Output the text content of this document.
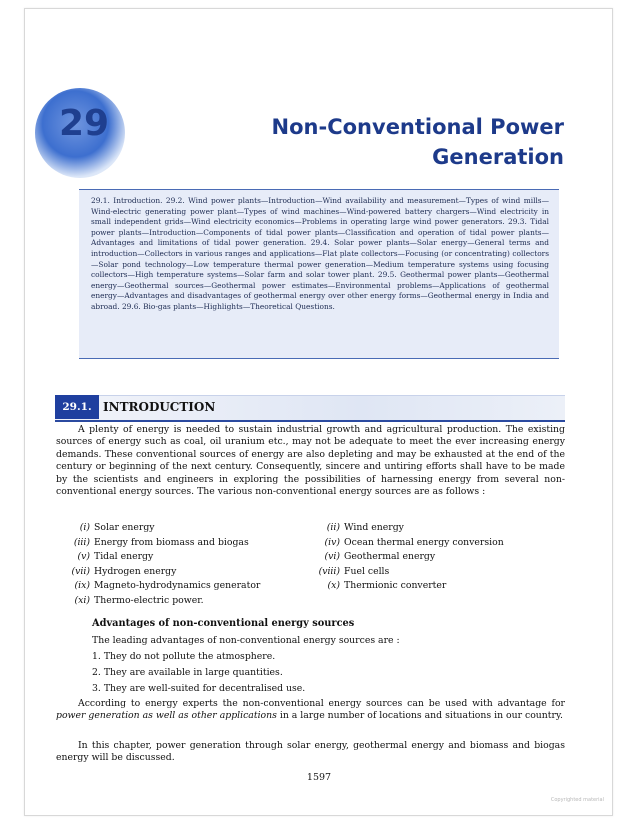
29	Non-Conventional Power
Generation

29.1. Introduction. 29.2. Wind power plants—Introduction—Wind availability and measurement—Types of wind mills—Wind-electric generating power plant—Types of wind machines—Wind-powered battery chargers—Wind electricity in small independent grids—Wind electricity economics—Problems in operating large wind power generators. 29.3. Tidal power plants—Introduction—Components of tidal power plants—Classification and operation of tidal power plants—Advantages and limitations of tidal power generation. 29.4. Solar power plants—Solar energy—General terms and introduction—Collectors in various ranges and applications—Flat plate collectors—Focusing (or concentrating) collectors—Solar pond technology—Low temperature thermal power generation—Medium temperature systems using focusing collectors—High temperature systems—Solar farm and solar tower plant. 29.5. Geothermal power plants—Geothermal energy—Geothermal sources—Geothermal power estimates—Environmental problems—Applications of geothermal energy—Advantages and disadvantages of geothermal energy over other energy forms—Geothermal energy in India and abroad. 29.6. Bio-gas plants—Highlights—Theoretical Questions.

29.1. INTRODUCTION

A plenty of energy is needed to sustain industrial growth and agricultural production. The existing sources of energy such as coal, oil uranium etc., may not be adequate to meet the ever increasing energy demands. These conventional sources of energy are also depleting and may be exhausted at the end of the century or beginning of the next century. Consequently, sincere and untiring efforts shall have to be made by the scientists and engineers in exploring the possibilities of harnessing energy from several non-conventional energy sources. The various non-conventional energy sources are as follows :

(i) Solar energy	(ii) Wind energy
(iii) Energy from biomass and biogas	(iv) Ocean thermal energy conversion
(v) Tidal energy	(vi) Geothermal energy
(vii) Hydrogen energy	(viii) Fuel cells
(ix) Magneto-hydrodynamics generator	(x) Thermionic converter
(xi) Thermo-electric power.
Advantages of non-conventional energy sources
The leading advantages of non-conventional energy sources are :
1. They do not pollute the atmosphere.
2. They are available in large quantities.
3. They are well-suited for decentralised use.

According to energy experts the non-conventional energy sources can be used with advantage for power generation as well as other applications in a large number of locations and situations in our country.

In this chapter, power generation through solar energy, geothermal energy and biomass and biogas energy will be discussed.

1597
Copyrighted material
